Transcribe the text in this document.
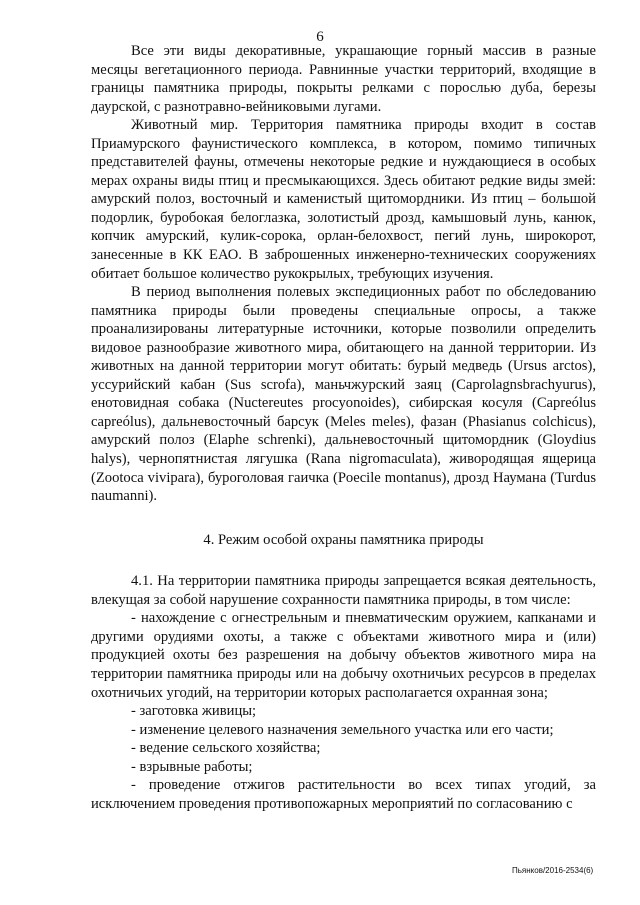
6

Все эти виды декоративные, украшающие горный массив в разные месяцы вегетационного периода. Равнинные участки территорий, входящие в границы памятника природы, покрыты релками с порослью дуба, березы даурской, с разнотравно-вейниковыми лугами.

Животный мир. Территория памятника природы входит в состав Приамурского фаунистического комплекса, в котором, помимо типичных представителей фауны, отмечены некоторые редкие и нуждающиеся в особых мерах охраны виды птиц и пресмыкающихся. Здесь обитают редкие виды змей: амурский полоз, восточный и каменистый щитомордники. Из птиц – большой подорлик, буробокая белоглазка, золотистый дрозд, камышовый лунь, канюк, копчик амурский, кулик-сорока, орлан-белохвост, пегий лунь, широкорот, занесенные в КК ЕАО. В заброшенных инженерно-технических сооружениях обитает большое количество рукокрылых, требующих изучения.

В период выполнения полевых экспедиционных работ по обследованию памятника природы были проведены специальные опросы, а также проанализированы литературные источники, которые позволили определить видовое разнообразие животного мира, обитающего на данной территории. Из животных на данной территории могут обитать: бурый медведь (Ursus arctos), уссурийский кабан (Sus scrofa), маньчжурский заяц (Caprolagnsbrachyurus), енотовидная собака (Nuctereutes procyonoides), сибирская косуля (Capreólus capreólus), дальневосточный барсук (Meles meles), фазан (Phasianus colchicus), амурский полоз (Elaphe schrenki), дальневосточный щитомордник (Gloydius halys), чернопятнистая лягушка (Rana nigromaculata), живородящая ящерица (Zootoca vivipara), буроголовая гаичка (Poecile montanus), дрозд Наумана (Turdus naumanni).

4. Режим особой охраны памятника природы

4.1. На территории памятника природы запрещается всякая деятельность, влекущая за собой нарушение сохранности памятника природы, в том числе:

- нахождение с огнестрельным и пневматическим оружием, капканами и другими орудиями охоты, а также с объектами животного мира и (или) продукцией охоты без разрешения на добычу объектов животного мира на территории памятника природы или на добычу охотничьих ресурсов в пределах охотничьих угодий, на территории которых располагается охранная зона;

- заготовка живицы;

- изменение целевого назначения земельного участка или его части;

- ведение сельского хозяйства;

- взрывные работы;

- проведение отжигов растительности во всех типах угодий, за исключением проведения противопожарных мероприятий по согласованию с

Пьянков/2016-2534(6)
